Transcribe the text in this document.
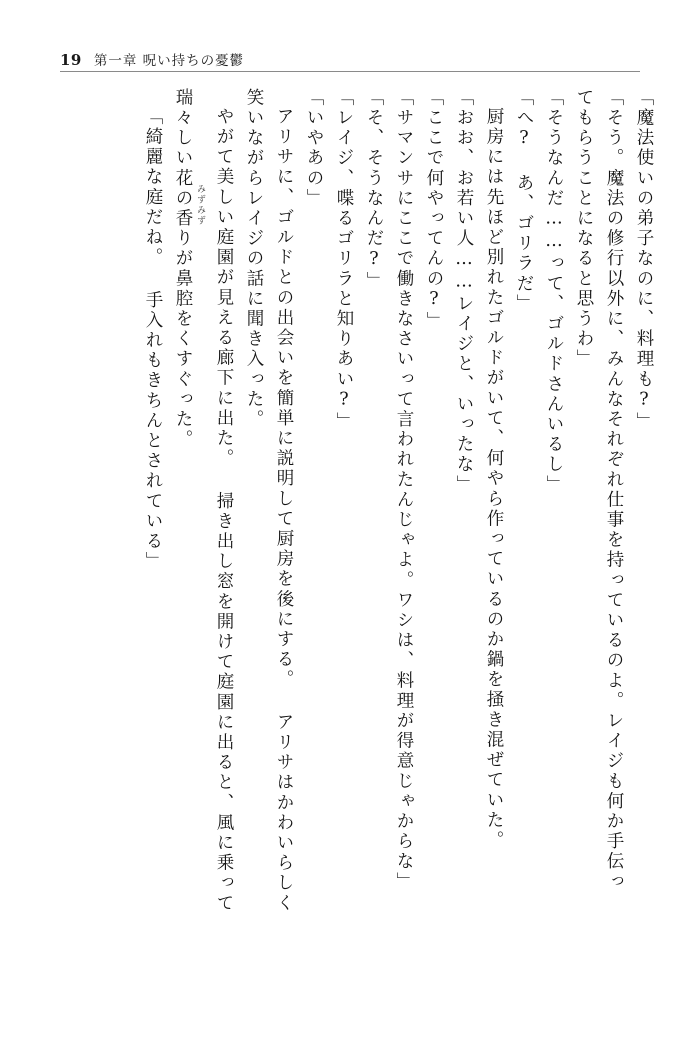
19 第一章 呪い持ちの憂鬱
「魔法使いの弟子なのに、料理も?」
「そう。魔法の修行以外に、みんなそれぞれ仕事を持っているのよ。レイジも何か手伝っ
てもらうことになると思うわ」
「そうなんだ……って、ゴルドさんいるし」
「へ? あ、ゴリラだ」
厨房には先ほど別れたゴルドがいて、何やら作っているのか鍋を掻き混ぜていた。
「おお、お若い人……レイジと、いったな」
「ここで何やってんの?」
「サマンサにここで働きなさいって言われたんじゃよ。ワシは、料理が得意じゃからな」
「そ、そうなんだ?」
「レイジ、喋るゴリラと知りあい?」
「いやあの」
アリサに、ゴルドとの出会いを簡単に説明して厨房を後にする。 アリサはかわいらしく
笑いながらレイジの話に聞き入った。
やがて美しい庭園が見える廊下に出た。 掃き出し窓を開けて庭園に出ると、風に乗って
みずみず
瑞々しい花の香りが鼻腔をくすぐった。
「綺麗な庭だね。 手入れもきちんとされている」
